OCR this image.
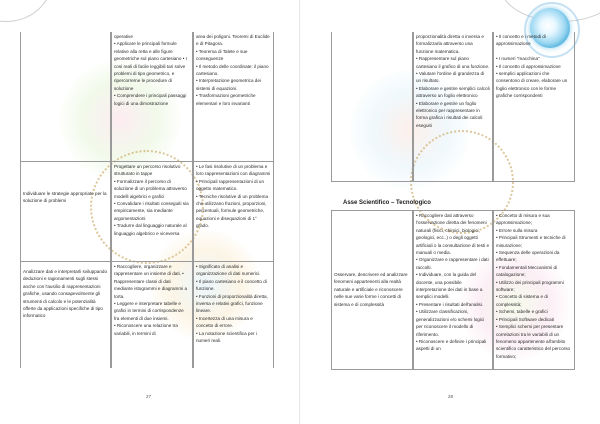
operative
• Applicare le principali formule relative alla retta e alle figure geometriche sul piano cartesiano • I cosi reali di facile leggibili tari solve problemi di tipo geometrico, e ripercorrerne le procedure di soluzione
• Comprendere i principali passaggi logici di una dimostrazione

area dei poligoni. Teoremi di Euclide e di Pitagora.
• Teorema di Talete e sue conseguenze
• Il metodo delle coordinate: il piano cartesiano.
• Interpretazione geometrica dei sistemi di equazioni.
• Trasformazioni geometriche elementari e loro invarianti

Individuare le strategie appropriate per la soluzione di problemi

Progettare un percorso risolutivo strutturato in tappe
• Formalizzare il percorso di soluzione di un problema attraverso modelli algebrici e grafici
• Convalidare i risultati conseguiti sia empiricamente, sia mediante argomentazioni
• Tradurre dal linguaggio naturale al linguaggio algebrico e viceversa

• Le fasi risolutive di un problema e loro rappresentazioni con diagrammi
• Principali rappresentazioni di un oggetto matematico.
• Tecniche risolutive di un problema che utilizzano frazioni, proporzioni, percentuali, formule geometriche, equazioni e disequazioni di 1° grado.

Analizzare dati e interpretarli sviluppando deduzioni e ragionamenti sugli stessi anche con l'ausilio di rappresentazioni grafiche, usando consapevolmente gli strumenti di calcolo e le potenzialità offerte da applicazioni specifiche di tipo informatico

• Raccogliere, organizzare e rappresentare un insieme di dati. • Rappresentare classi di dati mediante istogrammi e diagrammi a torta.
• Leggere e interpretare tabelle e grafici in termini di corrispondenze fra elementi di due insiemi.
• Riconoscere una relazione tra variabili, in termini di

• Significato di analisi e organizzazione di dati numerici.
• Il piano cartesiano e il concetto di funzione.
• Funzioni di proporzionalità diretta, inversa e relativi grafici, funzione lineare.
• Incertezza di una misura e concetto di errore.
• La notazione scientifica per i numeri reali.

27

proporzionalità diretta o inversa e formalizzarla attraverso una funzione matematica.
• Rappresentare sul piano cartesiano il grafico di una funzione.
• Valutare l'ordine di grandezza di un risultato.
• Elaborare e gestire semplici calcoli attraverso un foglio elettronico
• Elaborare e gestire un foglio elettronico per rappresentare in forma grafica i risultati dei calcoli eseguiti

• Il concetto e i metodi di approssimazione

• I numeri "macchina"
• Il concetto di approssimazione
• semplici applicazioni che consentono di creare, elaborare un foglio elettronico con le forme grafiche corrispondenti

Asse Scientifico – Tecnologico

Osservare, descrivere ed analizzare fenomeni appartenenti alla realtà naturale e artificiale e riconoscere nelle sue varie forme i concetti di sistema e di complessità

• Raccogliere dati attraverso l'osservazione diretta dei fenomeni naturali (fisici, chimici, biologici, geologici, ecc..) o degli oggetti artificiali o la consultazione di testi e manuali o media.
• Organizzare e rappresentare i dati raccolti.
• Individuare, con la guida del docente, una possibile interpretazione dei dati in base a semplici modelli.
• Presentare i risultati dell'analisi.
• Utilizzare classificazioni, generalizzazioni e/o schemi logici per riconoscere il modello di riferimento.
• Riconoscere e definire i principali aspetti di un

• Concetto di misura e sua approssimazione;
• Errore sulla misura
• Principali Strumenti e tecniche di misurazione;
• Sequenza delle operazioni da effettuare;
• Fondamentali Meccanismi di catalogazione;
• Utilizzo dei principali programmi software;
• Concetto di sistema e di complessità;
• Schemi, tabelle e grafici
• Principali Software dedicati
• Semplici schemi per presentare correlazioni tra le variabili di un fenomeno appartenente all'ambito scientifico caratteristico del percorso formativo;

28
